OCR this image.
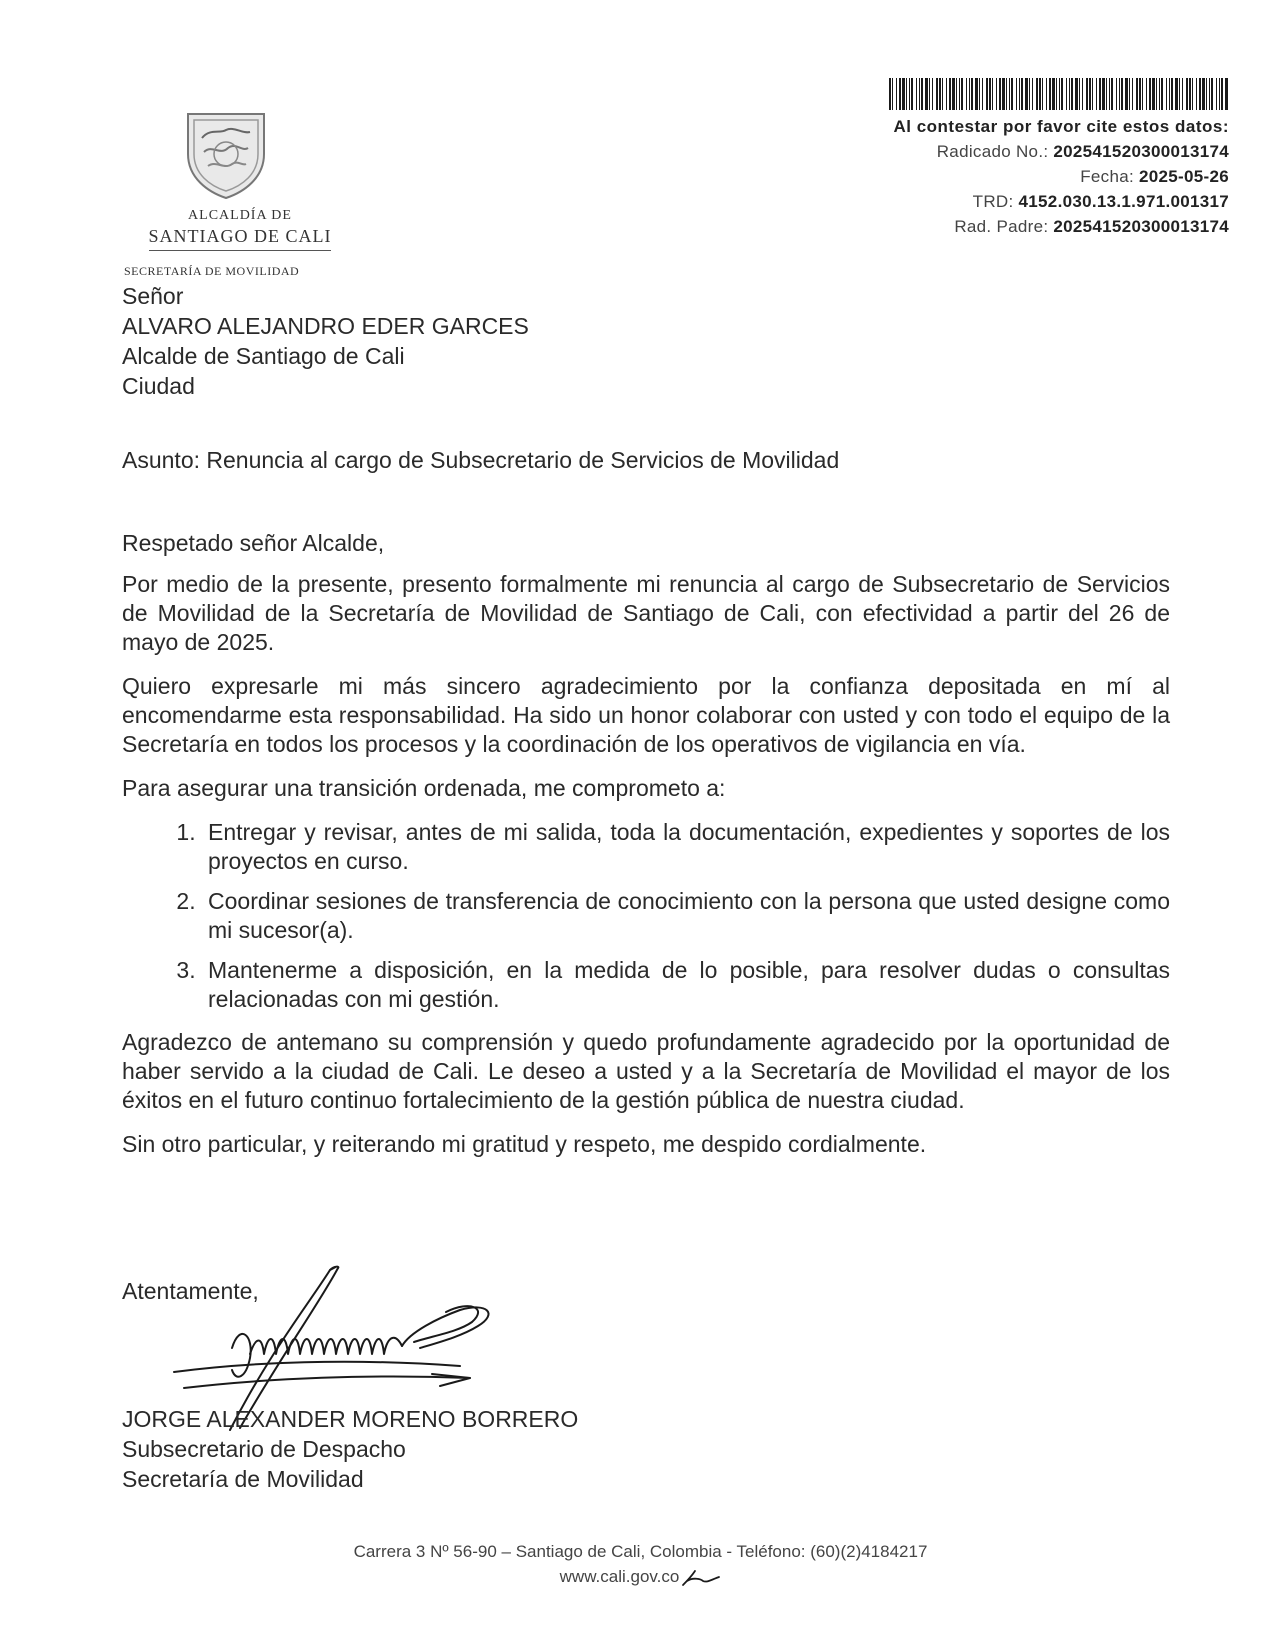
ALCALDÍA DE
SANTIAGO DE CALI
SECRETARÍA DE MOVILIDAD
Al contestar por favor cite estos datos:
Radicado No.: 202541520300013174
Fecha: 2025-05-26
TRD: 4152.030.13.1.971.001317
Rad. Padre: 202541520300013174
Señor
ALVARO ALEJANDRO EDER GARCES
Alcalde de Santiago de Cali
Ciudad
Asunto: Renuncia al cargo de Subsecretario de Servicios de Movilidad
Respetado señor Alcalde,

Por medio de la presente, presento formalmente mi renuncia al cargo de Subsecretario de Servicios de Movilidad de la Secretaría de Movilidad de Santiago de Cali, con efectividad a partir del 26 de mayo de 2025.

Quiero expresarle mi más sincero agradecimiento por la confianza depositada en mí al encomendarme esta responsabilidad. Ha sido un honor colaborar con usted y con todo el equipo de la Secretaría en todos los procesos y la coordinación de los operativos de vigilancia en vía.

Para asegurar una transición ordenada, me comprometo a:

1. Entregar y revisar, antes de mi salida, toda la documentación, expedientes y soportes de los proyectos en curso.
2. Coordinar sesiones de transferencia de conocimiento con la persona que usted designe como mi sucesor(a).
3. Mantenerme a disposición, en la medida de lo posible, para resolver dudas o consultas relacionadas con mi gestión.

Agradezco de antemano su comprensión y quedo profundamente agradecido por la oportunidad de haber servido a la ciudad de Cali. Le deseo a usted y a la Secretaría de Movilidad el mayor de los éxitos en el futuro continuo fortalecimiento de la gestión pública de nuestra ciudad.

Sin otro particular, y reiterando mi gratitud y respeto, me despido cordialmente.

Atentamente,
JORGE ALEXANDER MORENO BORRERO
Subsecretario de Despacho
Secretaría de Movilidad
Carrera 3 Nº 56-90 – Santiago de Cali, Colombia - Teléfono: (60)(2)4184217
www.cali.gov.co
